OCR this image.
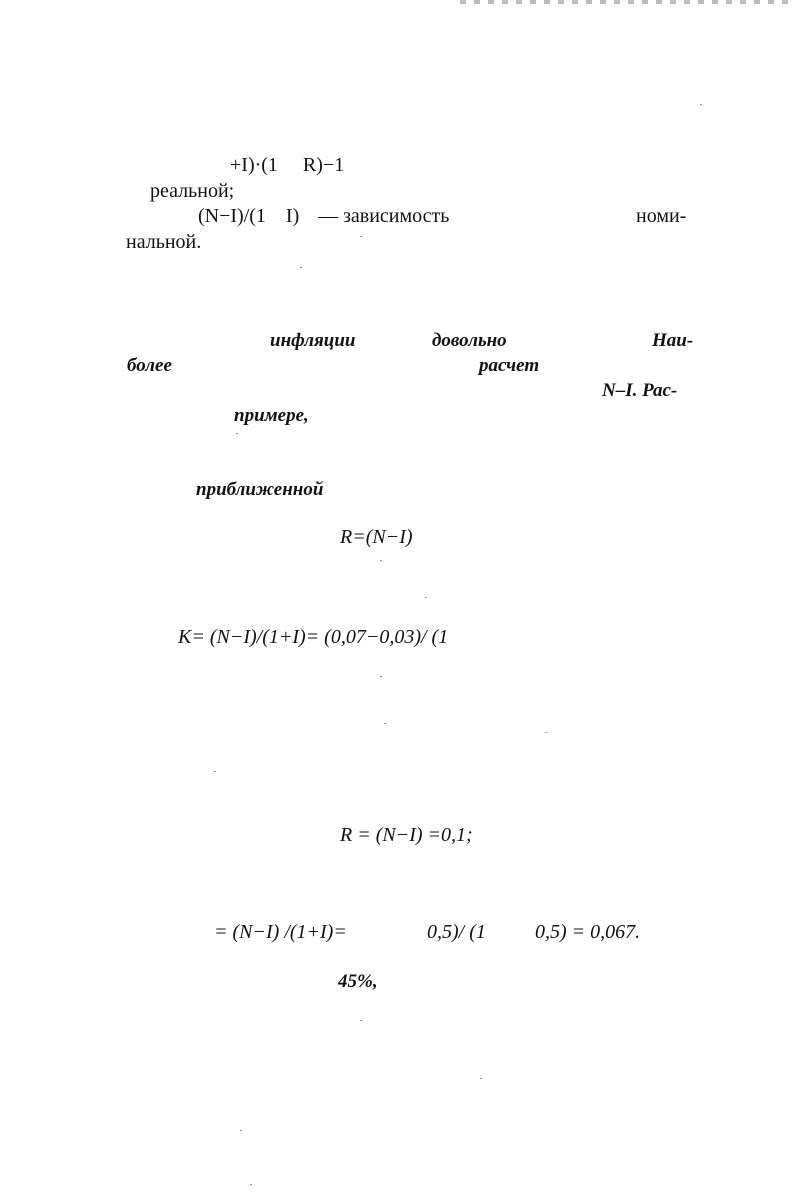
+I)·(1     R)−1
реальной;
(N−I)/(1    I) — зависимость	номи-
нальной.
инфляции	довольно	Наи-
более	расчет
N–I. Рас-
примере,
приближенной
R=(N−I)
K= (N−I)/(1+I)= (0,07−0,03)/ (1
R = (N−I) =0,1;
= (N−I) /(1+I)=	0,5)/ (1 0,5) = 0,067.
45%,
